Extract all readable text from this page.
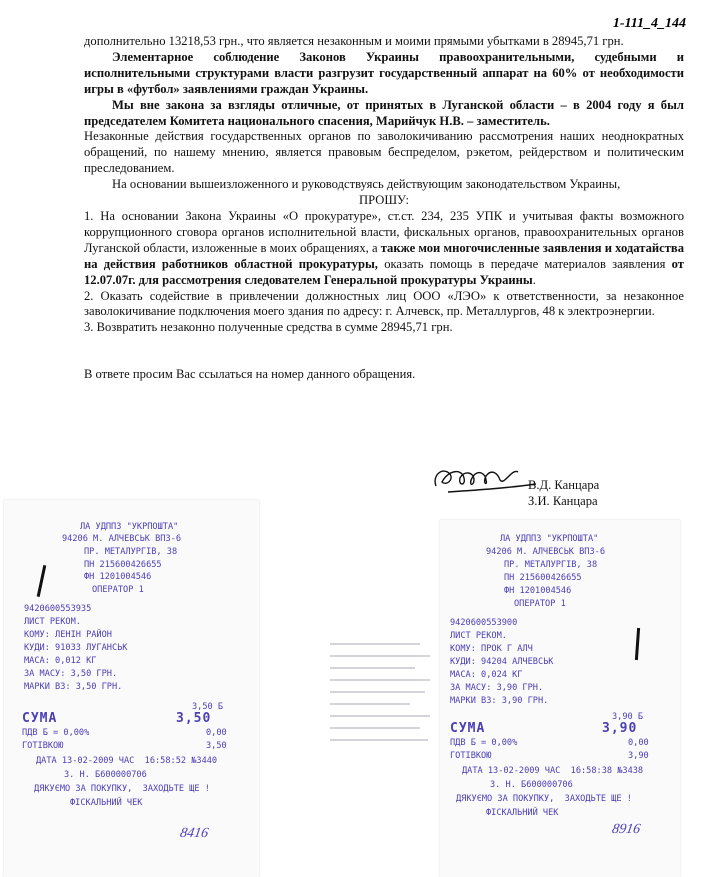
1-111_4_144

дополнительно 13218,53 грн., что является незаконным и моими прямыми убытками в 28945,71 грн.

Элементарное соблюдение Законов Украины правоохранительными, судебными и исполнительными структурами власти разгрузит государственный аппарат на 60% от необходимости игры в «футбол» заявлениями граждан Украины.

Мы вне закона за взгляды отличные, от принятых в Луганской области – в 2004 году я был председателем Комитета национального спасения, Марийчук Н.В. – заместитель.

Незаконные действия государственных органов по заволокичиванию рассмотрения наших неоднократных обращений, по нашему мнению, является правовым беспределом, рэкетом, рейдерством и политическим преследованием.

На основании вышеизложенного и руководствуясь действующим законодательством Украины,

ПРОШУ:

1. На основании Закона Украины «О прокуратуре», ст.ст. 234, 235 УПК и учитывая факты возможного коррупционного сговора органов исполнительной власти, фискальных органов, правоохранительных органов Луганской области, изложенные в моих обращениях, а также мои многочисленные заявления и ходатайства на действия работников областной прокуратуры, оказать помощь в передаче материалов заявления от 12.07.07г. для рассмотрения следователем Генеральной прокуратуры Украины.

2. Оказать содействие в привлечении должностных лиц ООО «ЛЭО» к ответственности, за незаконное заволокичивание подключения моего здания по адресу: г. Алчевск, пр. Металлургов, 48 к электроэнергии.

3. Возвратить незаконно полученные средства в сумме 28945,71 грн.

В ответе просим Вас ссылаться на номер данного обращения.

В.Д. Канцара
З.И. Канцара

ЛА УДППЗ "УКРПОШТА"

94206 М. АЛЧЕВСЬК ВПЗ-6

ПР. МЕТАЛУРГІВ, 38

ПН 215600426655

ФН 1201004546

ОПЕРАТОР 1

9420600553935

ЛИСТ РЕКОМ.

КОМУ: ЛЕНІН РАЙОН

КУДИ: 91033 ЛУГАНСЬК

МАСА: 0,012 КГ

ЗА МАСУ: 3,50 ГРН.

МАРКИ ВЗ: 3,50 ГРН.

3,50 Б

СУМА

	3,50

ПДВ Б = 0,00%

	0,00

ГОТІВКОЮ

	3,50

ДАТА 13-02-2009 ЧАС  16:58:52 №3440

З. Н. Б600000706

ДЯКУЄМО ЗА ПОКУПКУ,  ЗАХОДЬТЕ ЩЕ !

ФІСКАЛЬНИЙ ЧЕК

8416

ЛА УДППЗ "УКРПОШТА"

94206 М. АЛЧЕВСЬК ВПЗ-6

ПР. МЕТАЛУРГІВ, 38

ПН 215600426655

ФН 1201004546

ОПЕРАТОР 1

9420600553900

ЛИСТ РЕКОМ.

КОМУ: ПРОК Г АЛЧ

КУДИ: 94204 АЛЧЕВСЬК

МАСА: 0,024 КГ

ЗА МАСУ: 3,90 ГРН.

МАРКИ ВЗ: 3,90 ГРН.

3,90 Б

СУМА

	3,90

ПДВ Б = 0,00%

	0,00

ГОТІВКОЮ

	3,90

ДАТА 13-02-2009 ЧАС  16:58:38 №3438

З. Н. Б600000706

ДЯКУЄМО ЗА ПОКУПКУ,  ЗАХОДЬТЕ ЩЕ !

ФІСКАЛЬНИЙ ЧЕК

8916
